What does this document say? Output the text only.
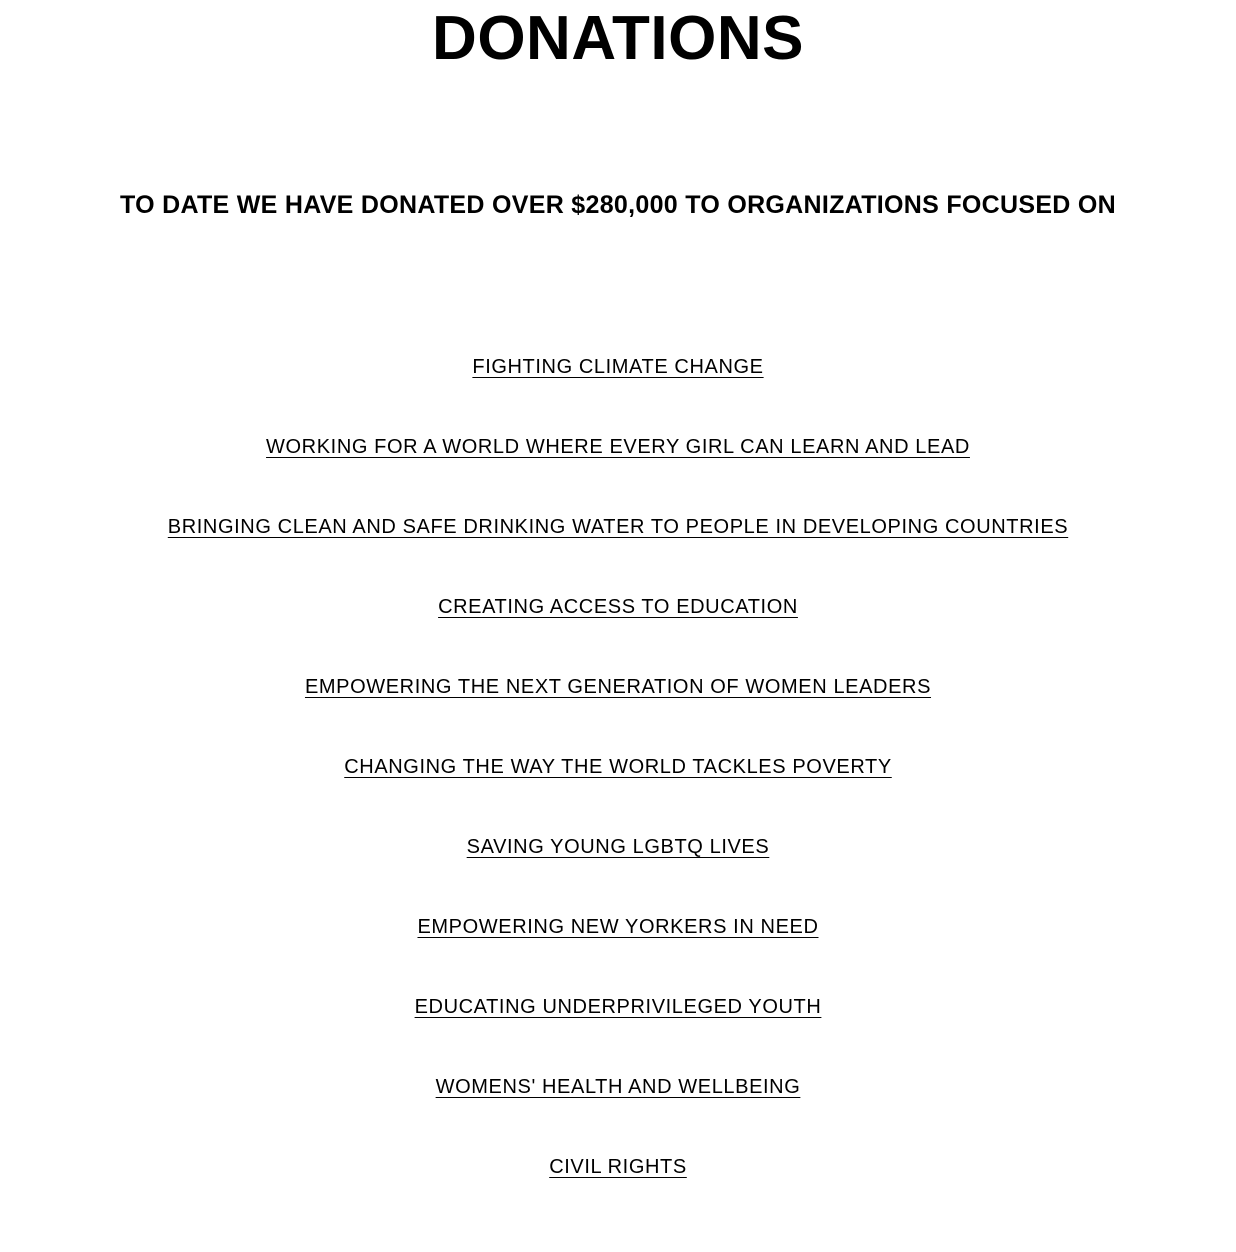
DONATIONS

TO DATE WE HAVE DONATED OVER $280,000 TO ORGANIZATIONS FOCUSED ON

FIGHTING CLIMATE CHANGE
WORKING FOR A WORLD WHERE EVERY GIRL CAN LEARN AND LEAD
BRINGING CLEAN AND SAFE DRINKING WATER TO PEOPLE IN DEVELOPING COUNTRIES
CREATING ACCESS TO EDUCATION
EMPOWERING THE NEXT GENERATION OF WOMEN LEADERS
CHANGING THE WAY THE WORLD TACKLES POVERTY
SAVING YOUNG LGBTQ LIVES
EMPOWERING NEW YORKERS IN NEED
EDUCATING UNDERPRIVILEGED YOUTH
WOMENS' HEALTH AND WELLBEING
CIVIL RIGHTS
